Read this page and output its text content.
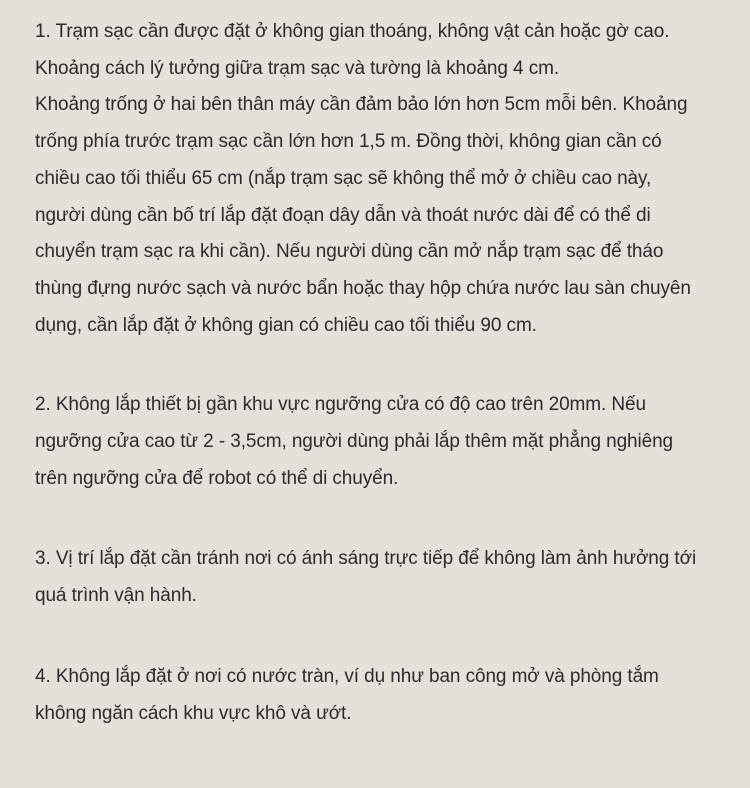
1. Trạm sạc cần được đặt ở không gian thoáng, không vật cản hoặc gờ cao.
Khoảng cách lý tưởng giữa trạm sạc và tường là khoảng 4 cm.
Khoảng trống ở hai bên thân máy cần đảm bảo lớn hơn 5cm mỗi bên. Khoảng
trống phía trước trạm sạc cần lớn hơn 1,5 m. Đồng thời, không gian cần có
chiều cao tối thiểu 65 cm (nắp trạm sạc sẽ không thể mở ở chiều cao này,
người dùng cần bố trí lắp đặt đoạn dây dẫn và thoát nước dài để có thể di
chuyển trạm sạc ra khi cần). Nếu người dùng cần mở nắp trạm sạc để tháo
thùng đựng nước sạch và nước bẩn hoặc thay hộp chứa nước lau sàn chuyên
dụng, cần lắp đặt ở không gian có chiều cao tối thiểu 90 cm.

2. Không lắp thiết bị gần khu vực ngưỡng cửa có độ cao trên 20mm. Nếu
ngưỡng cửa cao từ 2 - 3,5cm, người dùng phải lắp thêm mặt phẳng nghiêng
trên ngưỡng cửa để robot có thể di chuyển.

3. Vị trí lắp đặt cần tránh nơi có ánh sáng trực tiếp để không làm ảnh hưởng tới
quá trình vận hành.

4. Không lắp đặt ở nơi có nước tràn, ví dụ như ban công mở và phòng tắm
không ngăn cách khu vực khô và ướt.
